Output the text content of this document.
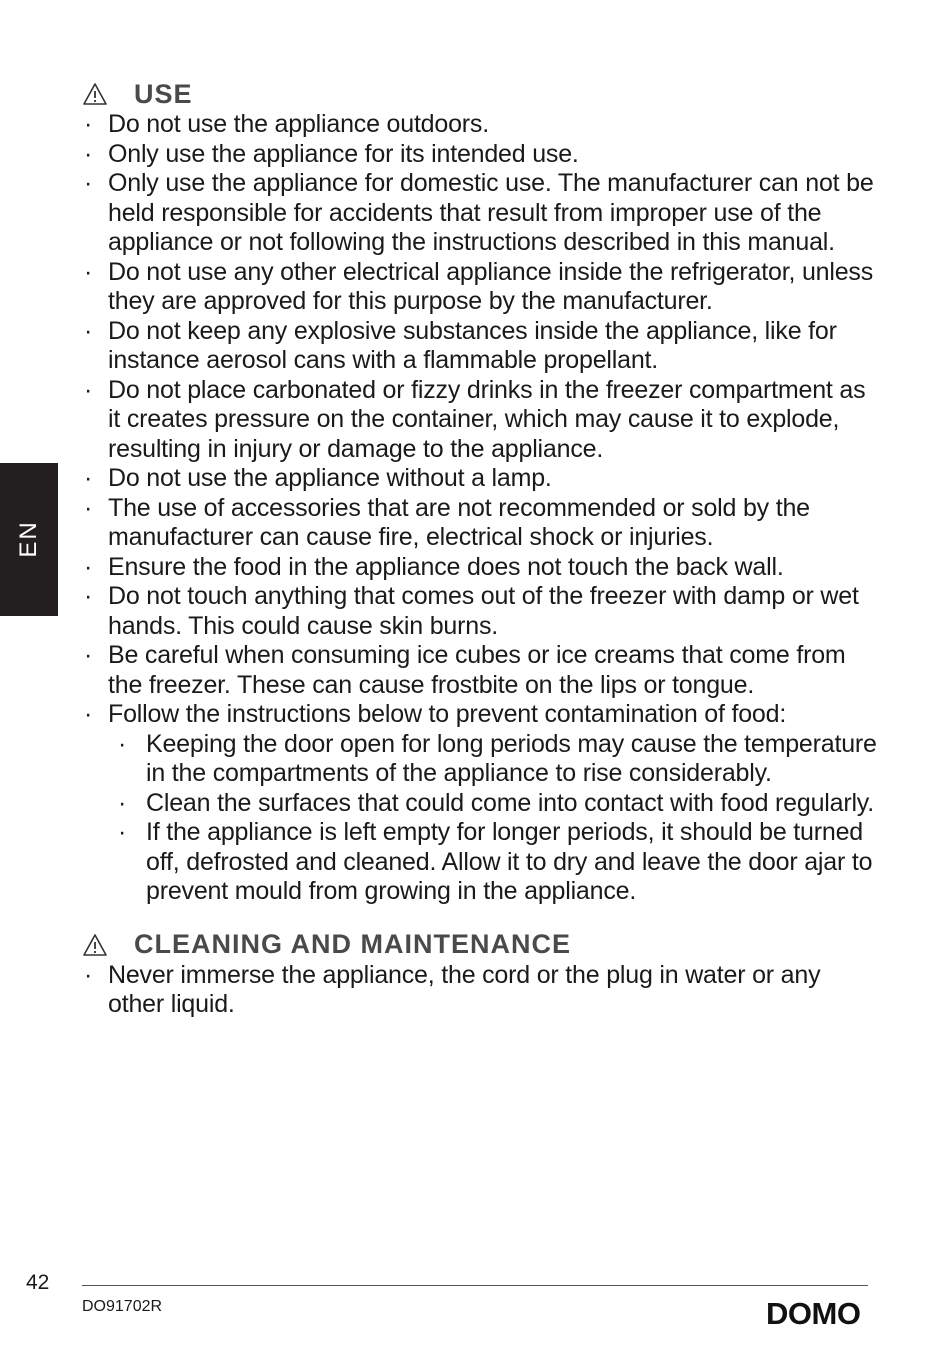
EN
USE
· Do not use the appliance outdoors.
· Only use the appliance for its intended use.
· Only use the appliance for domestic use. The manufacturer can not be held responsible for accidents that result from improper use of the appliance or not following the instructions described in this manual.
· Do not use any other electrical appliance inside the refrigerator, unless they are approved for this purpose by the manufacturer.
· Do not keep any explosive substances inside the appliance, like for instance aerosol cans with a flammable propellant.
· Do not place carbonated or fizzy drinks in the freezer compartment as it creates pressure on the container, which may cause it to explode, resulting in injury or damage to the appliance.
· Do not use the appliance without a lamp.
· The use of accessories that are not recommended or sold by the manufacturer can cause fire, electrical shock or injuries.
· Ensure the food in the appliance does not touch the back wall.
· Do not touch anything that comes out of the freezer with damp or wet hands. This could cause skin burns.
· Be careful when consuming ice cubes or ice creams that come from the freezer. These can cause frostbite on the lips or tongue.
· Follow the instructions below to prevent contamination of food:
· Keeping the door open for long periods may cause the temperature in the compartments of the appliance to rise considerably.
· Clean the surfaces that could come into contact with food regularly.
· If the appliance is left empty for longer periods, it should be turned off, defrosted and cleaned. Allow it to dry and leave the door ajar to prevent mould from growing in the appliance.
CLEANING AND MAINTENANCE
· Never immerse the appliance, the cord or the plug in water or any other liquid.
42
DO91702R	DOMO
